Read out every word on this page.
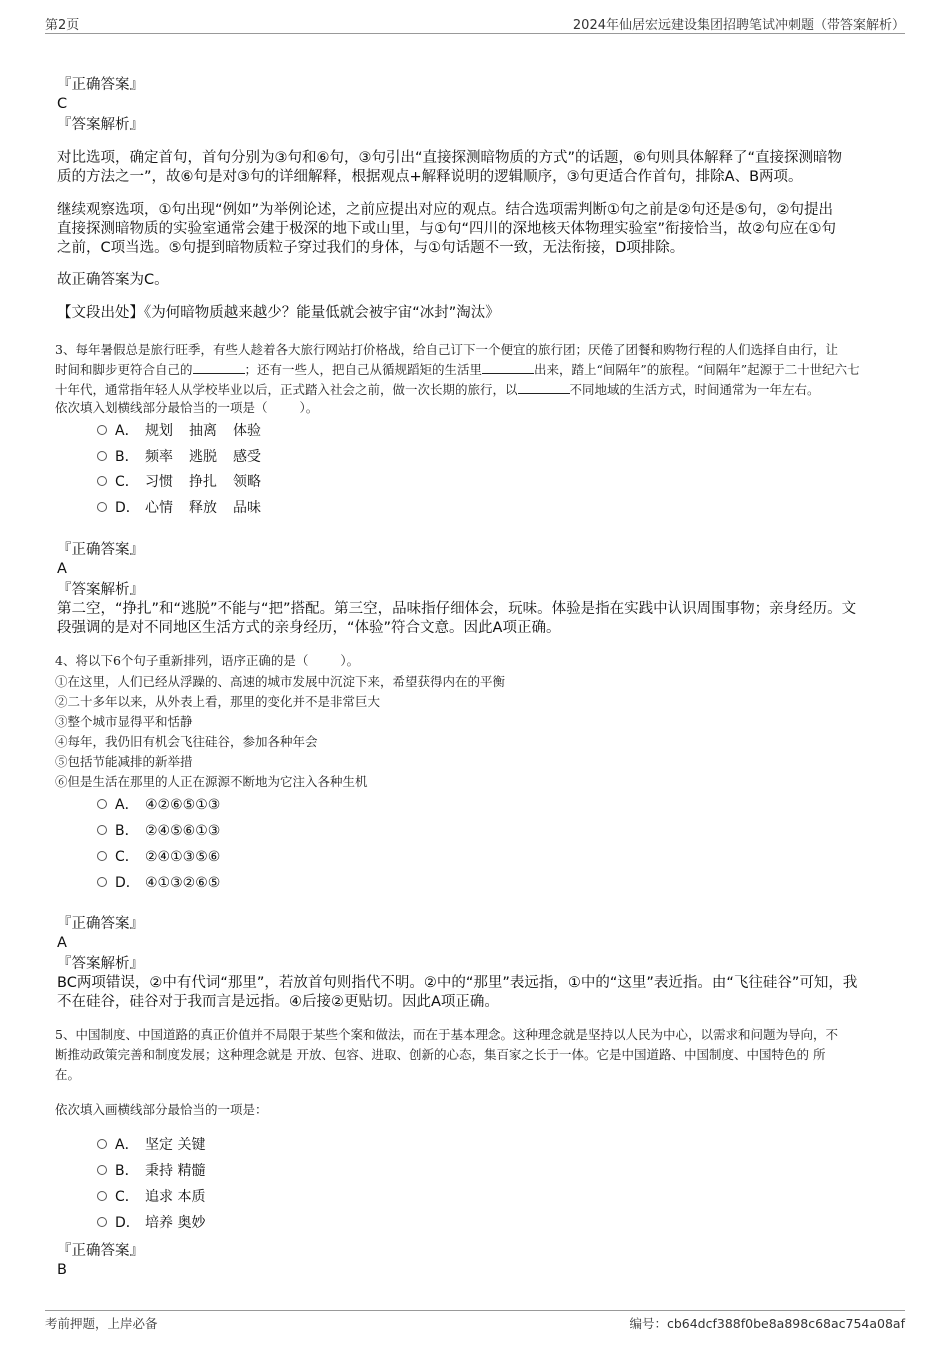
第2页	2024年仙居宏远建设集团招聘笔试冲刺题（带答案解析）
『正确答案』
C
『答案解析』
对比选项，确定首句，首句分别为③句和⑥句，③句引出“直接探测暗物质的方式”的话题，⑥句则具体解释了“直接探测暗物
质的方法之一”，故⑥句是对③句的详细解释，根据观点+解释说明的逻辑顺序，③句更适合作首句，排除A、B两项。
继续观察选项，①句出现“例如”为举例论述，之前应提出对应的观点。结合选项需判断①句之前是②句还是⑤句，②句提出
直接探测暗物质的实验室通常会建于极深的地下或山里，与①句“四川的深地核天体物理实验室”衔接恰当，故②句应在①句
之前，C项当选。⑤句提到暗物质粒子穿过我们的身体，与①句话题不一致，无法衔接，D项排除。
故正确答案为C。
【文段出处】《为何暗物质越来越少？能量低就会被宇宙“冰封”淘汰》
3、每年暑假总是旅行旺季，有些人趁着各大旅行网站打价格战，给自己订下一个便宜的旅行团；厌倦了团餐和购物行程的人们选择自由行，让
时间和脚步更符合自己的	；还有一些人，把自己从循规蹈矩的生活里	出来，踏上“间隔年”的旅程。“间隔年”起源于二十世纪六七
十年代，通常指年轻人从学校毕业以后，正式踏入社会之前，做一次长期的旅行，以	不同地域的生活方式，时间通常为一年左右。
依次填入划横线部分最恰当的一项是（	）。
A． 规划 抽离 体验
B． 频率 逃脱 感受
C． 习惯 挣扎 领略
D． 心情 释放 品味
『正确答案』
A
『答案解析』
第二空，“挣扎”和“逃脱”不能与“把”搭配。第三空，品味指仔细体会，玩味。体验是指在实践中认识周围事物；亲身经历。文
段强调的是对不同地区生活方式的亲身经历，“体验”符合文意。因此A项正确。
4、将以下6个句子重新排列，语序正确的是（	）。
①在这里，人们已经从浮躁的、高速的城市发展中沉淀下来，希望获得内在的平衡
②二十多年以来，从外表上看，那里的变化并不是非常巨大
③整个城市显得平和恬静
④每年，我仍旧有机会飞往硅谷，参加各种年会
⑤包括节能减排的新举措
⑥但是生活在那里的人正在源源不断地为它注入各种生机
A． ④②⑥⑤①③
B． ②④⑤⑥①③
C． ②④①③⑤⑥
D． ④①③②⑥⑤
『正确答案』
A
『答案解析』
BC两项错误，②中有代词“那里”，若放首句则指代不明。②中的“那里”表远指，①中的“这里”表近指。由“飞往硅谷”可知，我
不在硅谷，硅谷对于我而言是远指。④后接②更贴切。因此A项正确。
5、中国制度、中国道路的真正价值并不局限于某些个案和做法，而在于基本理念。这种理念就是坚持以人民为中心，以需求和问题为导向，不
断推动政策完善和制度发展；这种理念就是 开放、包容、进取、创新的心态，集百家之长于一体。它是中国道路、中国制度、中国特色的 所
在。
依次填入画横线部分最恰当的一项是：
A． 坚定 关键
B． 秉持 精髓
C． 追求 本质
D． 培养 奥妙
『正确答案』
B
考前押题，上岸必备	编号：cb64dcf388f0be8a898c68ac754a08af
